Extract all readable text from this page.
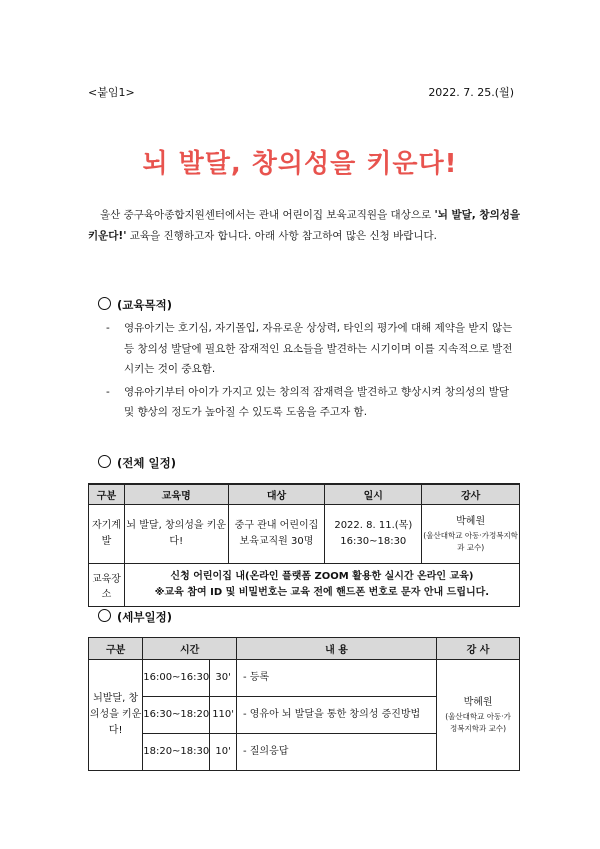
<붙임1>	2022. 7. 25.(월)
뇌 발달, 창의성을 키운다!
울산 중구육아종합지원센터에서는 관내 어린이집 보육교직원을 대상으로 '뇌 발달, 창의성을 키운다!' 교육을 진행하고자 합니다. 아래 사항 참고하여 많은 신청 바랍니다.
(교육목적)
- 영유아기는 호기심, 자기몰입, 자유로운 상상력, 타인의 평가에 대해 제약을 받지 않는 등 창의성 발달에 필요한 잠재적인 요소들을 발견하는 시기이며 이를 지속적으로 발전시키는 것이 중요함.
- 영유아기부터 아이가 가지고 있는 창의적 잠재력을 발견하고 향상시켜 창의성의 발달 및 향상의 정도가 높아질 수 있도록 도움을 주고자 함.
(전체 일정)
구분	교육명	대상	일시	강사
자기계발	뇌 발달, 창의성을 키운다!	중구 관내 어린이집 보육교직원 30명	2022. 8. 11.(목) 16:30~18:30	박혜원
(울산대학교 아동·가정복지학과 교수)

교육장소	신청 어린이집 내(온라인 플랫폼 ZOOM 활용한 실시간 온라인 교육)
※교육 참여 ID 및 비밀번호는 교육 전에 핸드폰 번호로 문자 안내 드립니다.			
(세부일정)
구분	시간		내 용	강 사
뇌발달, 창의성을 키운다!	16:00~16:30	30'	- 등록	박혜원
(울산대학교 아동·가정복지학과 교수)

	16:30~18:20	110'	- 영유아 뇌 발달을 통한 창의성 증진방법	
	18:20~18:30	10'	- 질의응답	
